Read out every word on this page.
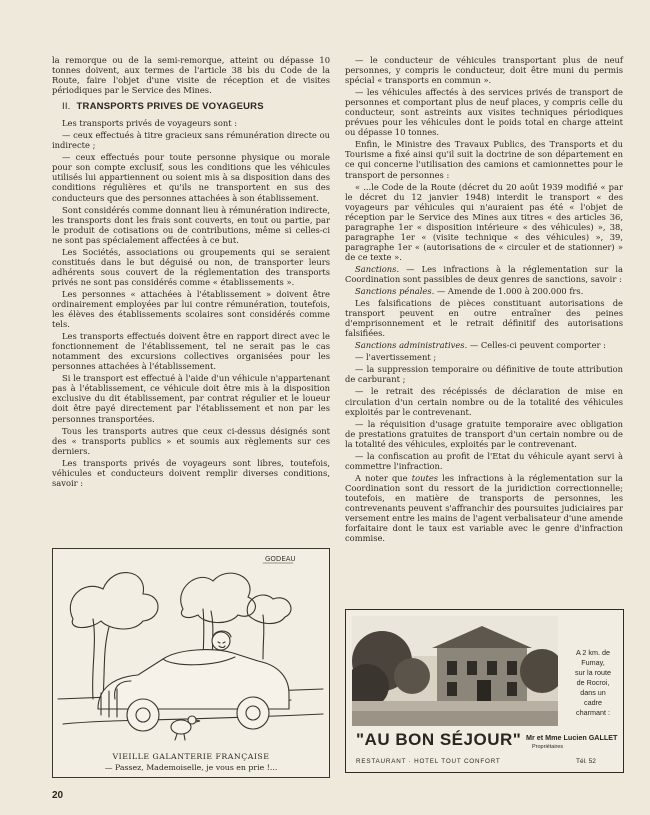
la remorque ou de la semi-remorque, atteint ou dépasse 10 tonnes doivent, aux termes de l'article 38 bis du Code de la Route, faire l'objet d'une visite de réception et de visites périodiques par le Service des Mines.

II. TRANSPORTS PRIVES DE VOYAGEURS

Les transports privés de voyageurs sont :

— ceux effectués à titre gracieux sans rémunération directe ou indirecte ;

— ceux effectués pour toute personne physique ou morale pour son compte exclusif, sous les conditions que les véhicules utilisés lui appartiennent ou soient mis à sa disposition dans des conditions régulières et qu'ils ne transportent en sus des conducteurs que des personnes attachées à son établissement.

Sont considérés comme donnant lieu à rémunération indirecte, les transports dont les frais sont couverts, en tout ou partie, par le produit de cotisations ou de contributions, même si celles-ci ne sont pas spécialement affectées à ce but.

Les Sociétés, associations ou groupements qui se seraient constitués dans le but déguisé ou non, de transporter leurs adhérents sous couvert de la réglementation des transports privés ne sont pas considérés comme « établissements ».

Les personnes « attachées à l'établissement » doivent être ordinairement employées par lui contre rémunération, toutefois, les élèves des établissements scolaires sont considérés comme tels.

Les transports effectués doivent être en rapport direct avec le fonctionnement de l'établissement, tel ne serait pas le cas notamment des excursions collectives organisées pour les personnes attachées à l'établissement.

Si le transport est effectué à l'aide d'un véhicule n'appartenant pas à l'établissement, ce véhicule doit être mis à la disposition exclusive du dit établissement, par contrat régulier et le loueur doit être payé directement par l'établissement et non par les personnes transportées.

Tous les transports autres que ceux ci-dessus désignés sont des « transports publics » et soumis aux règlements sur ces derniers.

Les transports privés de voyageurs sont libres, toutefois, véhicules et conducteurs doivent remplir diverses conditions, savoir :

GODEAU
VIEILLE GALANTERIE FRANÇAISE
— Passez, Mademoiselle, je vous en prie !...
20

— le conducteur de véhicules transportant plus de neuf personnes, y compris le conducteur, doit être muni du permis spécial « transports en commun ».

— les véhicules affectés à des services privés de transport de personnes et comportant plus de neuf places, y compris celle du conducteur, sont astreints aux visites techniques périodiques prévues pour les véhicules dont le poids total en charge atteint ou dépasse 10 tonnes.

Enfin, le Ministre des Travaux Publics, des Transports et du Tourisme a fixé ainsi qu'il suit la doctrine de son département en ce qui concerne l'utilisation des camions et camionnettes pour le transport de personnes :

« ...le Code de la Route (décret du 20 août 1939 modifié « par le décret du 12 janvier 1948) interdit le transport « des voyageurs par véhicules qui n'auraient pas été « l'objet de réception par le Service des Mines aux titres « des articles 36, paragraphe 1er « disposition intérieure « des véhicules) », 38, paragraphe 1er « (visite technique « des véhicules) », 39, paragraphe 1er « (autorisations de « circuler et de stationner) » de ce texte ».

Sanctions. — Les infractions à la réglementation sur la Coordination sont passibles de deux genres de sanctions, savoir :

Sanctions pénales. — Amende de 1.000 à 200.000 frs.

Les falsifications de pièces constituant autorisations de transport peuvent en outre entraîner des peines d'emprisonnement et le retrait définitif des autorisations falsifiées.

Sanctions administratives. — Celles-ci peuvent comporter :

— l'avertissement ;

— la suppression temporaire ou définitive de toute attribution de carburant ;

— le retrait des récépissés de déclaration de mise en circulation d'un certain nombre ou de la totalité des véhicules exploités par le contrevenant.

— la réquisition d'usage gratuite temporaire avec obligation de prestations gratuites de transport d'un certain nombre ou de la totalité des véhicules, exploités par le contrevenant.

— la confiscation au profit de l'Etat du véhicule ayant servi à commettre l'infraction.

A noter que toutes les infractions à la réglementation sur la Coordination sont du ressort de la juridiction correctionnelle; toutefois, en matière de transports de personnes, les contrevenants peuvent s'affranchir des poursuites judiciaires par versement entre les mains de l'agent verbalisateur d'une amende forfaitaire dont le taux est variable avec le genre d'infraction commise.

A 2 km. de
Fumay,
sur la route
de Rocroi,
dans un
cadre
charmant :
"AU BON SÉJOUR" Mr et Mme Lucien GALLET
Propriétaires
RESTAURANT · HOTEL TOUT CONFORT	Tél. 52
